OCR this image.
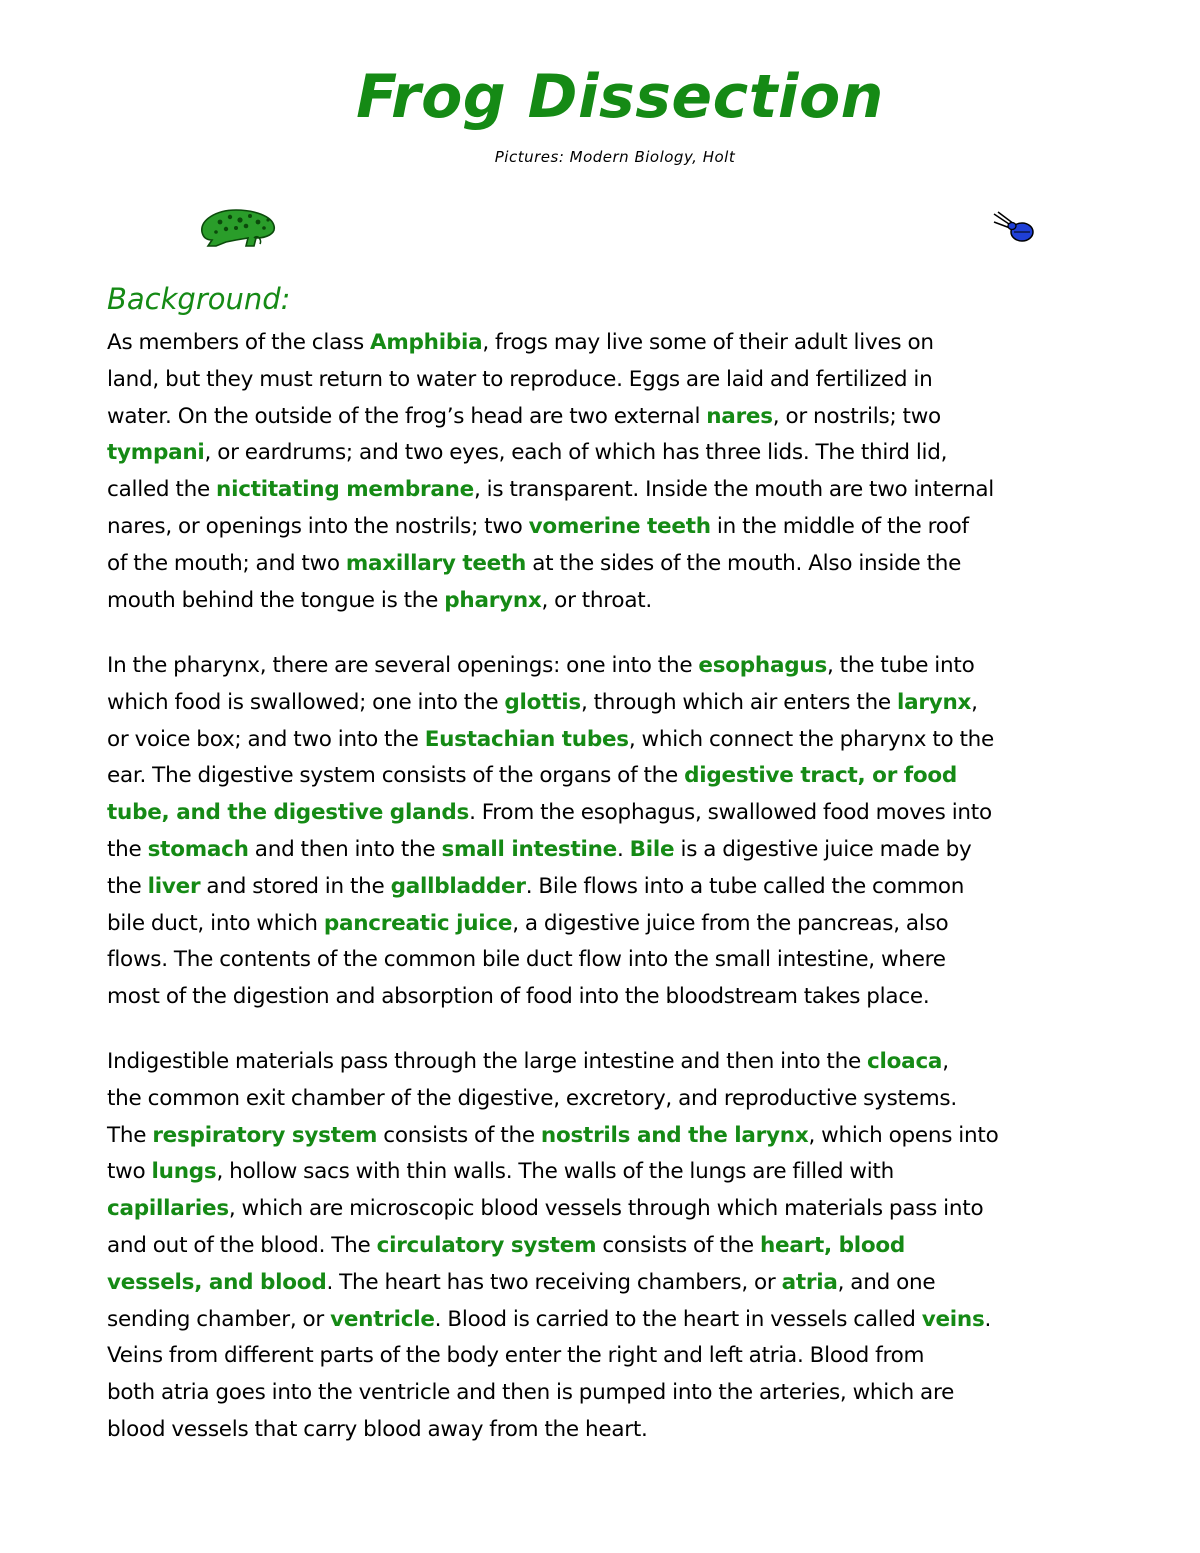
Frog Dissection
Pictures: Modern Biology, Holt
Background:

As members of the class Amphibia, frogs may live some of their adult lives on
land, but they must return to water to reproduce. Eggs are laid and fertilized in
water. On the outside of the frog’s head are two external nares, or nostrils; two
tympani, or eardrums; and two eyes, each of which has three lids. The third lid,
called the nictitating membrane, is transparent. Inside the mouth are two internal
nares, or openings into the nostrils; two vomerine teeth in the middle of the roof
of the mouth; and two maxillary teeth at the sides of the mouth. Also inside the
mouth behind the tongue is the pharynx, or throat.

In the pharynx, there are several openings: one into the esophagus, the tube into
which food is swallowed; one into the glottis, through which air enters the larynx,
or voice box; and two into the Eustachian tubes, which connect the pharynx to the
ear. The digestive system consists of the organs of the digestive tract, or food
tube, and the digestive glands. From the esophagus, swallowed food moves into
the stomach and then into the small intestine. Bile is a digestive juice made by
the liver and stored in the gallbladder. Bile flows into a tube called the common
bile duct, into which pancreatic juice, a digestive juice from the pancreas, also
flows. The contents of the common bile duct flow into the small intestine, where
most of the digestion and absorption of food into the bloodstream takes place.

Indigestible materials pass through the large intestine and then into the cloaca,
the common exit chamber of the digestive, excretory, and reproductive systems.
The respiratory system consists of the nostrils and the larynx, which opens into
two lungs, hollow sacs with thin walls. The walls of the lungs are filled with
capillaries, which are microscopic blood vessels through which materials pass into
and out of the blood. The circulatory system consists of the heart, blood
vessels, and blood. The heart has two receiving chambers, or atria, and one
sending chamber, or ventricle. Blood is carried to the heart in vessels called veins.
Veins from different parts of the body enter the right and left atria. Blood from
both atria goes into the ventricle and then is pumped into the arteries, which are
blood vessels that carry blood away from the heart.
